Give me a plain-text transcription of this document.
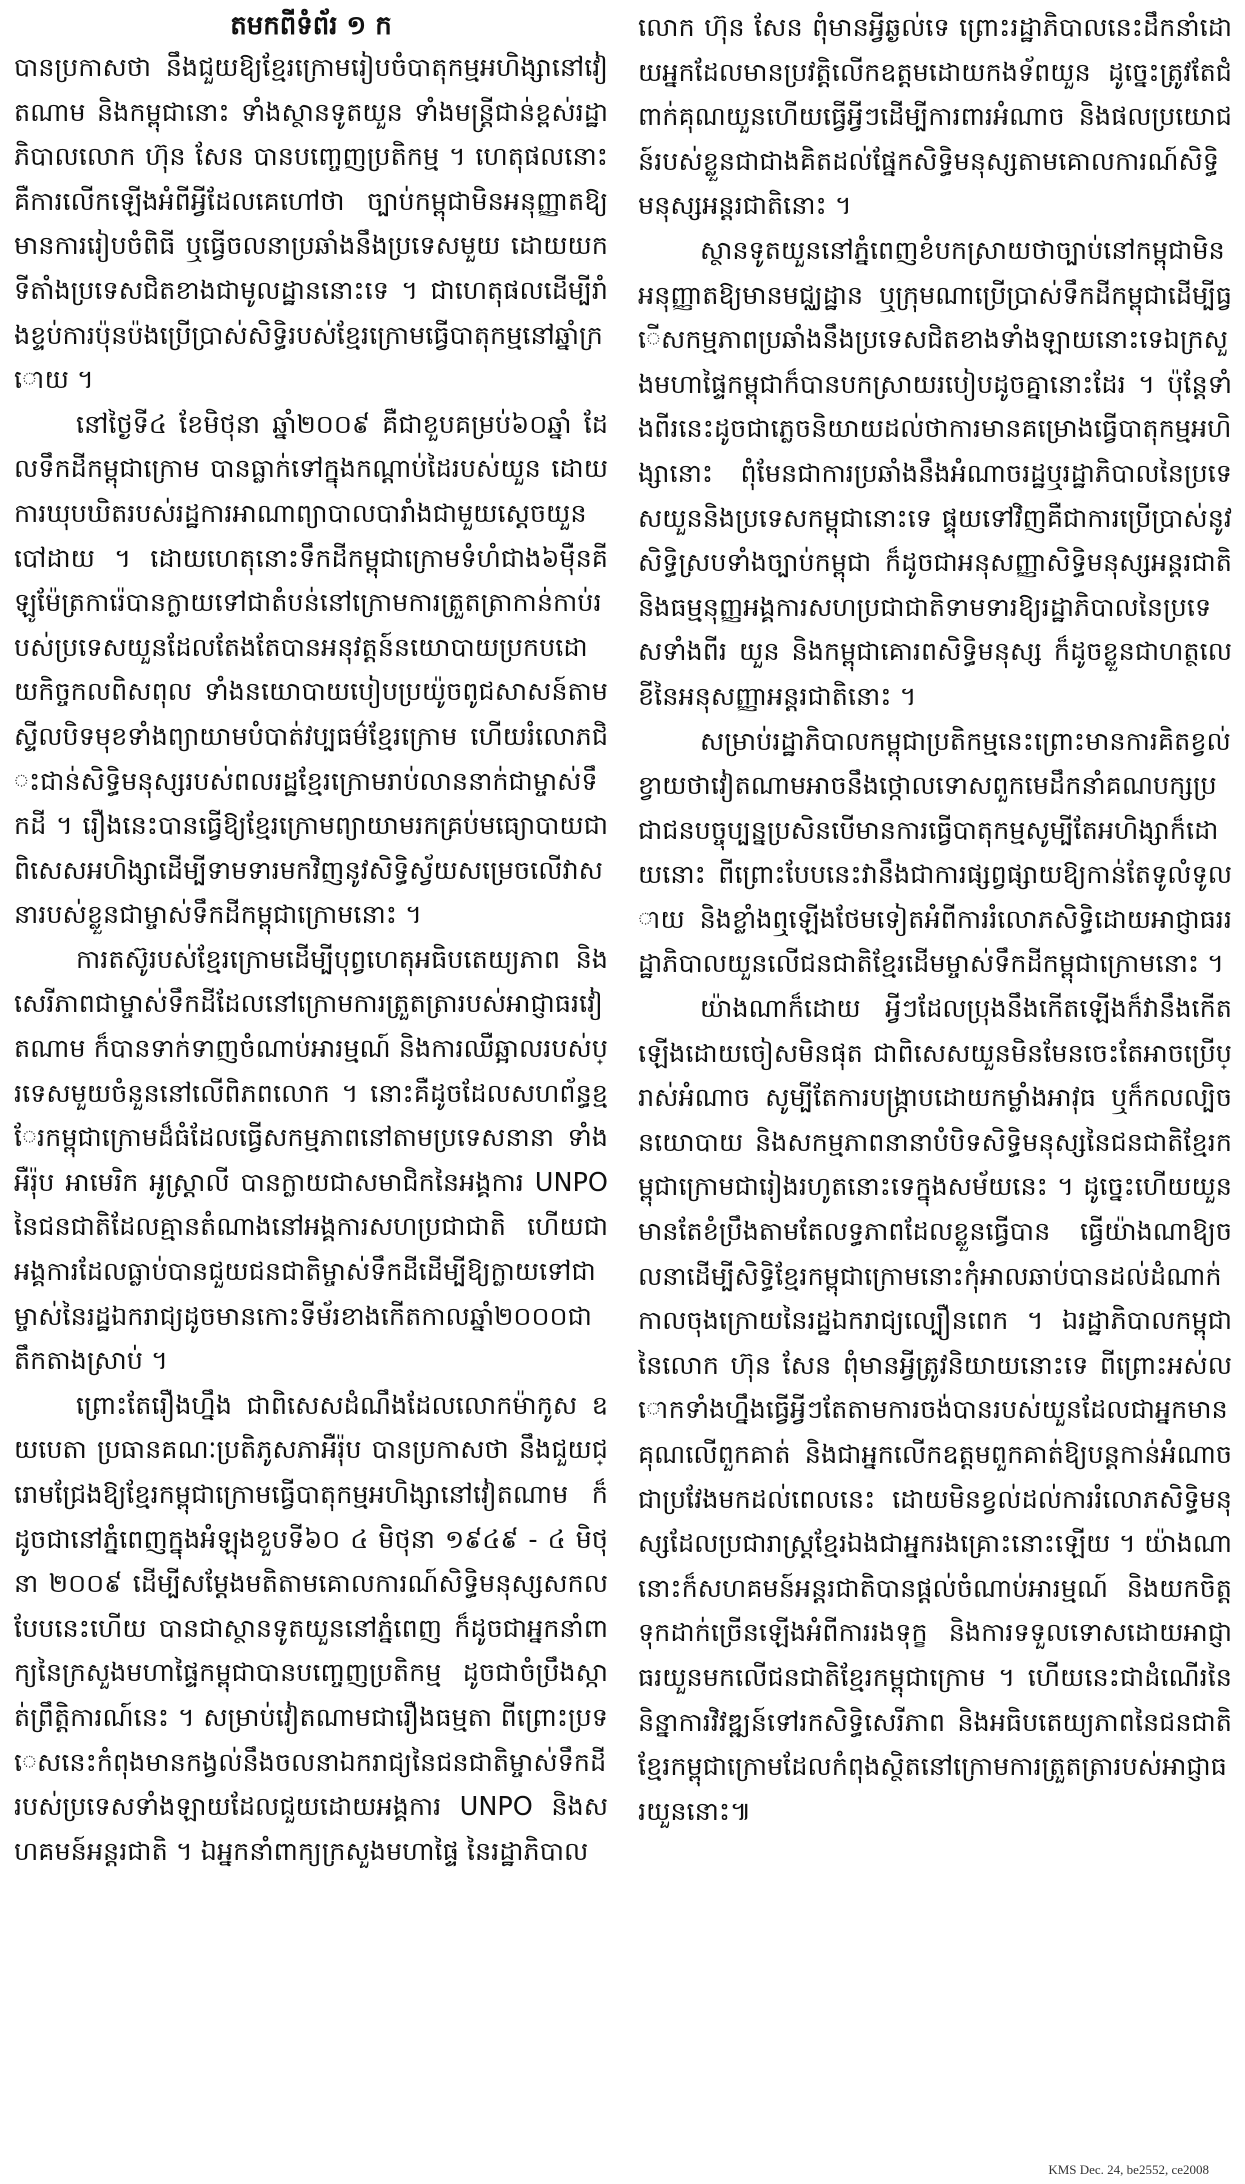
តមកពីទំព័រ ១ ក

បានប្រកាសថា នឹងជួយឱ្យខ្មែរក្រោមរៀបចំបាតុកម្មអហិង្សានៅវៀតណាម និងកម្ពុជានោះ ទាំងស្ថានទូតយួន ទាំងមន្ត្រីជាន់ខ្ពស់រដ្ឋាភិបាលលោក ហ៊ុន សែន បានបញ្ចេញប្រតិកម្ម ។ ហេតុផលនោះ គឺការលើកឡើងអំពីអ្វីដែលគេហៅថា ច្បាប់កម្ពុជាមិនអនុញ្ញាតឱ្យមានការរៀបចំពិធី ឬធ្វើចលនាប្រឆាំងនឹងប្រទេសមួយ ដោយយកទីតាំងប្រទេសជិតខាងជាមូលដ្ឋាននោះទេ ។ ជាហេតុផលដើម្បីរាំងខ្ទប់ការប៉ុនប៉ងប្រើប្រាស់សិទ្ធិរបស់ខ្មែរក្រោមធ្វើបាតុកម្មនៅឆ្នាំក្រោយ ។

នៅថ្ងៃទី៤ ខែមិថុនា ឆ្នាំ២០០៩ គឺជាខួបគម្រប់៦០ឆ្នាំ ដែលទឹកដីកម្ពុជាក្រោម បានធ្លាក់ទៅក្នុងកណ្ដាប់ដៃរបស់យួន ដោយការឃុបឃិតរបស់រដ្ឋការអាណាព្យាបាលបារាំងជាមួយស្ដេចយួន បៅដាយ ។ ដោយហេតុនោះទឹកដីកម្ពុជាក្រោមទំហំជាង៦ម៉ឺនគីឡូម៉ែត្រការ៉េបានក្លាយទៅជាតំបន់នៅក្រោមការត្រួតត្រាកាន់កាប់របស់ប្រទេសយួនដែលតែងតែបានអនុវត្តន៍នយោបាយប្រកបដោយកិច្ចកលពិសពុល ទាំងនយោបាយបៀបប្រយ៉ូចពូជសាសន៍តាមស្ទីលបិទមុខទាំងព្យាយាមបំបាត់វប្បធម៌ខ្មែរក្រោម ហើយរំលោភជិះជាន់សិទ្ធិមនុស្សរបស់ពលរដ្ឋខ្មែរក្រោមរាប់លាននាក់ជាម្ចាស់ទឹកដី ។ រឿងនេះបានធ្វើឱ្យខ្មែរក្រោមព្យាយាមរកគ្រប់មធ្យោបាយជាពិសេសអហិង្សាដើម្បីទាមទារមកវិញនូវសិទ្ធិស្វ័យសម្រេចលើវាសនារបស់ខ្លួនជាម្ចាស់ទឹកដីកម្ពុជាក្រោមនោះ ។

ការតស៊ូរបស់ខ្មែរក្រោមដើម្បីបុព្វហេតុអធិបតេយ្យភាព និងសេរីភាពជាម្ចាស់ទឹកដីដែលនៅក្រោមការត្រួតត្រារបស់អាជ្ញាធរវៀតណាម ក៏បានទាក់ទាញចំណាប់អារម្មណ៍ និងការឈឺឆ្អាលរបស់ប្រទេសមួយចំនួននៅលើពិភពលោក ។ នោះគឺដូចដែលសហព័ន្ធខ្មែរកម្ពុជាក្រោមដ៏ធំដែលធ្វើសកម្មភាពនៅតាមប្រទេសនានា ទាំងអឺរ៉ុប អាមេរិក អូស្ត្រាលី បានក្លាយជាសមាជិកនៃអង្គការ UNPO នៃជនជាតិដែលគ្មានតំណាងនៅអង្គការសហប្រជាជាតិ ហើយជាអង្គការដែលធ្លាប់បានជួយជនជាតិម្ចាស់ទឹកដីដើម្បីឱ្យក្លាយទៅជាម្ចាស់នៃរដ្ឋឯករាជ្យដូចមានកោះទីម័រខាងកើតកាលឆ្នាំ២០០០ជាតឹកតាងស្រាប់ ។

ព្រោះតែរឿងហ្នឹង ជាពិសេសដំណឹងដែលលោកម៉ាកូស ឧយបេតា ប្រធានគណៈប្រតិភូសភាអឺរ៉ុប បានប្រកាសថា នឹងជួយជ្រោមជ្រែងឱ្យខ្មែរកម្ពុជាក្រោមធ្វើបាតុកម្មអហិង្សានៅវៀតណាម ក៏ដូចជានៅភ្នំពេញក្នុងអំឡុងខួបទី៦០ ៤ មិថុនា ១៩៤៩ - ៤ មិថុនា ២០០៩ ដើម្បីសម្ដែងមតិតាមគោលការណ៍សិទ្ធិមនុស្សសកលបែបនេះហើយ បានជាស្ថានទូតយួននៅភ្នំពេញ ក៏ដូចជាអ្នកនាំពាក្យនៃក្រសួងមហាផ្ទៃកម្ពុជាបានបញ្ចេញប្រតិកម្ម ដូចជាចំប្រឹងស្កាត់ព្រឹត្តិការណ៍នេះ ។ សម្រាប់វៀតណាមជារឿងធម្មតា ពីព្រោះប្រទេសនេះកំពុងមានកង្វល់នឹងចលនាឯករាជ្យនៃជនជាតិម្ចាស់ទឹកដីរបស់ប្រទេសទាំងឡាយដែលជួយដោយអង្គការ UNPO និងសហគមន៍អន្តរជាតិ ។ ឯអ្នកនាំពាក្យក្រសួងមហាផ្ទៃ នៃរដ្ឋាភិបាល

លោក ហ៊ុន សែន ពុំមានអ្វីឆ្ងល់ទេ ព្រោះរដ្ឋាភិបាលនេះដឹកនាំដោយអ្នកដែលមានប្រវត្តិលើកឧត្តមដោយកងទ័ពយួន ដូច្នេះត្រូវតែជំពាក់គុណយួនហើយធ្វើអ្វីៗដើម្បីការពារអំណាច និងផលប្រយោជន៍របស់ខ្លួនជាជាងគិតដល់ផ្នែកសិទ្ធិមនុស្សតាមគោលការណ៍សិទ្ធិមនុស្សអន្តរជាតិនោះ ។

ស្ថានទូតយួននៅភ្នំពេញខំបកស្រាយថាច្បាប់នៅកម្ពុជាមិនអនុញ្ញាតឱ្យមានមជ្ឈដ្ឋាន ឬក្រុមណាប្រើប្រាស់ទឹកដីកម្ពុជាដើម្បីធ្វើសកម្មភាពប្រឆាំងនឹងប្រទេសជិតខាងទាំងឡាយនោះទេឯក្រសួងមហាផ្ទៃកម្ពុជាក៏បានបកស្រាយរបៀបដូចគ្នានោះដែរ ។ ប៉ុន្តែទាំងពីរនេះដូចជាភ្លេចនិយាយដល់ថាការមានគម្រោងធ្វើបាតុកម្មអហិង្សានោះ ពុំមែនជាការប្រឆាំងនឹងអំណាចរដ្ឋឬរដ្ឋាភិបាលនៃប្រទេសយួននិងប្រទេសកម្ពុជានោះទេ ផ្ទុយទៅវិញគឺជាការប្រើប្រាស់នូវសិទ្ធិស្របទាំងច្បាប់កម្ពុជា ក៏ដូចជាអនុសញ្ញាសិទ្ធិមនុស្សអន្តរជាតិ និងធម្មនុញ្ញអង្គការសហប្រជាជាតិទាមទារឱ្យរដ្ឋាភិបាលនៃប្រទេសទាំងពីរ យួន និងកម្ពុជាគោរពសិទ្ធិមនុស្ស ក៏ដូចខ្លួនជាហត្ថលេខីនៃអនុសញ្ញាអន្តរជាតិនោះ ។

សម្រាប់រដ្ឋាភិបាលកម្ពុជាប្រតិកម្មនេះព្រោះមានការគិតខ្វល់ខ្វាយថាវៀតណាមអាចនឹងថ្កោលទោសពួកមេដឹកនាំគណបក្សប្រជាជនបច្ចុប្បន្នប្រសិនបើមានការធ្វើបាតុកម្មសូម្បីតែអហិង្សាក៏ដោយនោះ ពីព្រោះបែបនេះវានឹងជាការផ្សព្វផ្សាយឱ្យកាន់តែទូលំទូលាយ និងខ្លាំងឮឡើងថែមទៀតអំពីការរំលោភសិទ្ធិដោយអាជ្ញាធររដ្ឋាភិបាលយួនលើជនជាតិខ្មែរដើមម្ចាស់ទឹកដីកម្ពុជាក្រោមនោះ ។

យ៉ាងណាក៏ដោយ អ្វីៗដែលប្រុងនឹងកើតឡើងក៏វានឹងកើតឡើងដោយចៀសមិនផុត ជាពិសេសយួនមិនមែនចេះតែអាចប្រើប្រាស់អំណាច សូម្បីតែការបង្ក្រាបដោយកម្លាំងអាវុធ ឬក៏កលល្បិចនយោបាយ និងសកម្មភាពនានាបំបិទសិទ្ធិមនុស្សនៃជនជាតិខ្មែរកម្ពុជាក្រោមជារៀងរហូតនោះទេក្នុងសម័យនេះ ។ ដូច្នេះហើយយួនមានតែខំប្រឹងតាមតែលទ្ធភាពដែលខ្លួនធ្វើបាន ធ្វើយ៉ាងណាឱ្យចលនាដើម្បីសិទ្ធិខ្មែរកម្ពុជាក្រោមនោះកុំអាលឆាប់បានដល់ដំណាក់កាលចុងក្រោយនៃរដ្ឋឯករាជ្យល្បឿនពេក ។ ឯរដ្ឋាភិបាលកម្ពុជា នៃលោក ហ៊ុន សែន ពុំមានអ្វីត្រូវនិយាយនោះទេ ពីព្រោះអស់លោកទាំងហ្នឹងធ្វើអ្វីៗតែតាមការចង់បានរបស់យួនដែលជាអ្នកមានគុណលើពួកគាត់ និងជាអ្នកលើកឧត្តមពួកគាត់ឱ្យបន្តកាន់អំណាចជាប្រវែងមកដល់ពេលនេះ ដោយមិនខ្វល់ដល់ការរំលោភសិទ្ធិមនុស្សដែលប្រជារាស្ត្រខ្មែរឯងជាអ្នករងគ្រោះនោះឡើយ ។ យ៉ាងណានោះក៏សហគមន៍អន្តរជាតិបានផ្ដល់ចំណាប់អារម្មណ៍ និងយកចិត្តទុកដាក់ច្រើនឡើងអំពីការរងទុក្ខ និងការទទួលទោសដោយអាជ្ញាធរយួនមកលើជនជាតិខ្មែរកម្ពុជាក្រោម ។ ហើយនេះជាដំណើរនៃនិន្នាការវិវឌ្ឍន៍ទៅរកសិទ្ធិសេរីភាព និងអធិបតេយ្យភាពនៃជនជាតិខ្មែរកម្ពុជាក្រោមដែលកំពុងស្ថិតនៅក្រោមការត្រួតត្រារបស់អាជ្ញាធរយួននោះ៕

KMS Dec. 24, be2552, ce2008
